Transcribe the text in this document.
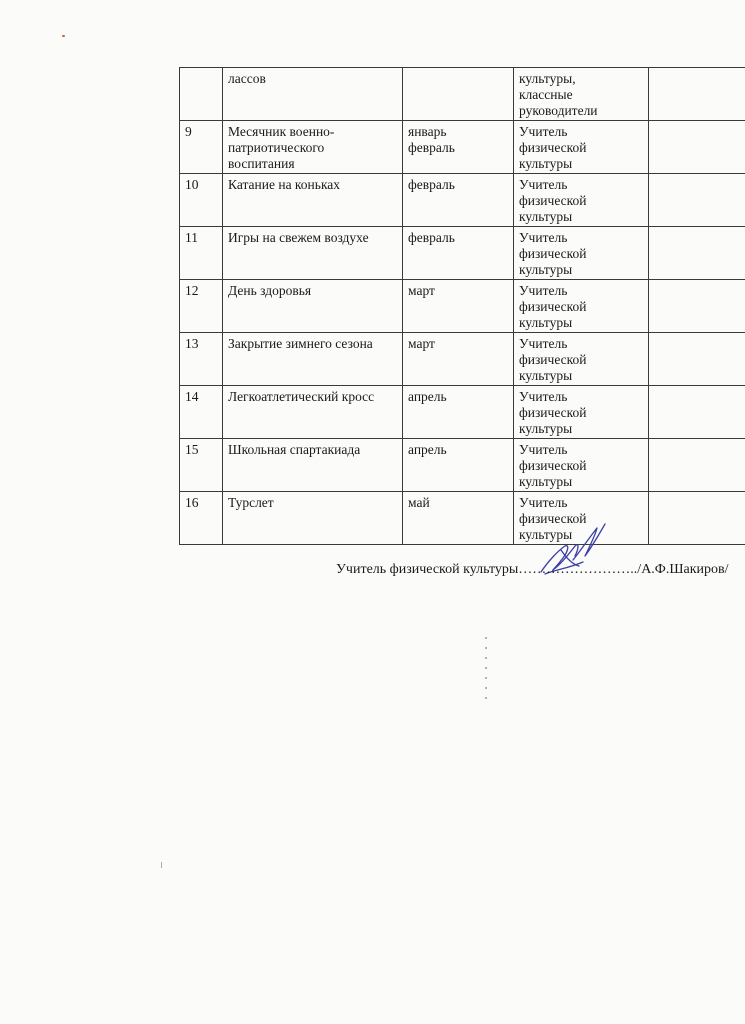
	лассов		культуры,
классные
руководители	

9	Месячник военно-
патриотического
воспитания	январь
февраль	Учитель
физической
культуры	

10	Катание на коньках	февраль	Учитель
физической
культуры	

11	Игры на свежем воздухе	февраль	Учитель
физической
культуры	

12	День здоровья	март	Учитель
физической
культуры	

13	Закрытие зимнего сезона	март	Учитель
физической
культуры	

14	Легкоатлетический кросс	апрель	Учитель
физической
культуры	

15	Школьная спартакиада	апрель	Учитель
физической
культуры	

16	Турслет	май	Учитель
физической
культуры	

Учитель физической культуры……………………../А.Ф.Шакиров/
